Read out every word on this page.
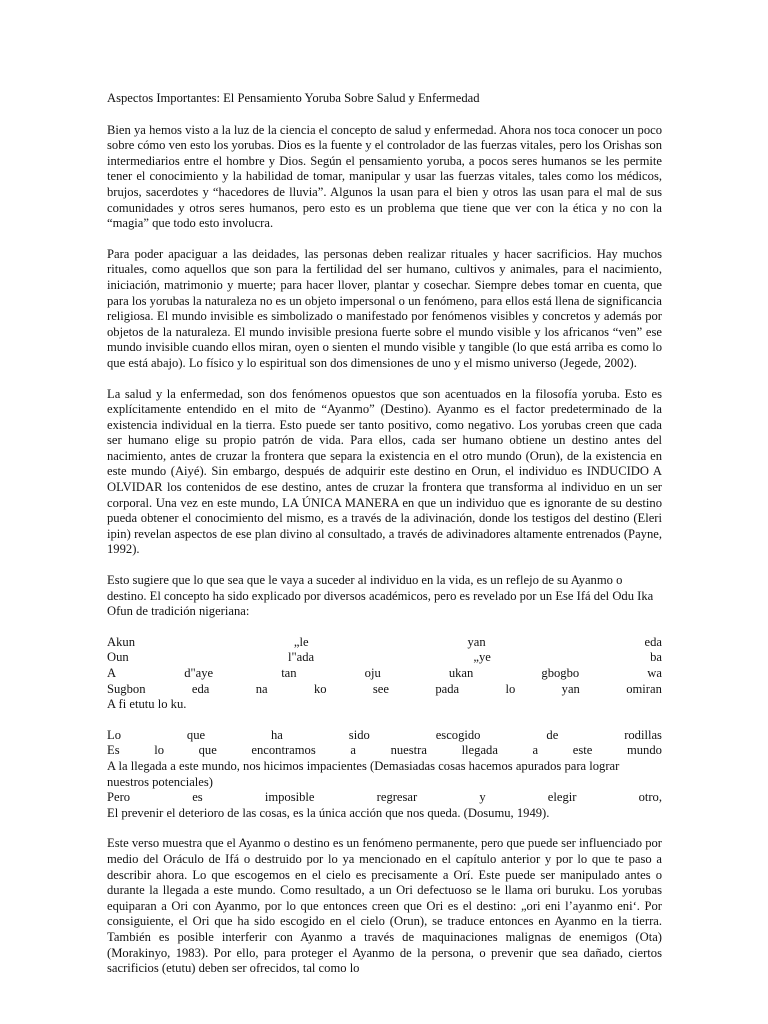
Aspectos Importantes: El Pensamiento Yoruba Sobre Salud y Enfermedad

Bien ya hemos visto a la luz de la ciencia el concepto de salud y enfermedad. Ahora nos toca conocer un poco sobre cómo ven esto los yorubas. Dios es la fuente y el controlador de las fuerzas vitales, pero los Orishas son intermediarios entre el hombre y Dios. Según el pensamiento yoruba, a pocos seres humanos se les permite tener el conocimiento y la habilidad de tomar, manipular y usar las fuerzas vitales, tales como los médicos, brujos, sacerdotes y “hacedores de lluvia”. Algunos la usan para el bien y otros las usan para el mal de sus comunidades y otros seres humanos, pero esto es un problema que tiene que ver con la ética y no con la “magia” que todo esto involucra.

Para poder apaciguar a las deidades, las personas deben realizar rituales y hacer sacrificios. Hay muchos rituales, como aquellos que son para la fertilidad del ser humano, cultivos y animales, para el nacimiento, iniciación, matrimonio y muerte; para hacer llover, plantar y cosechar. Siempre debes tomar en cuenta, que para los yorubas la naturaleza no es un objeto impersonal o un fenómeno, para ellos está llena de significancia religiosa. El mundo invisible es simbolizado o manifestado por fenómenos visibles y concretos y además por objetos de la naturaleza. El mundo invisible presiona fuerte sobre el mundo visible y los africanos “ven” ese mundo invisible cuando ellos miran, oyen o sienten el mundo visible y tangible (lo que está arriba es como lo que está abajo). Lo físico y lo espiritual son dos dimensiones de uno y el mismo universo (Jegede, 2002).

La salud y la enfermedad, son dos fenómenos opuestos que son acentuados en la filosofía yoruba. Esto es explícitamente entendido en el mito de “Ayanmo” (Destino). Ayanmo es el factor predeterminado de la existencia individual en la tierra. Esto puede ser tanto positivo, como negativo. Los yorubas creen que cada ser humano elige su propio patrón de vida. Para ellos, cada ser humano obtiene un destino antes del nacimiento, antes de cruzar la frontera que separa la existencia en el otro mundo (Orun), de la existencia en este mundo (Aiyé). Sin embargo, después de adquirir este destino en Orun, el individuo es INDUCIDO A OLVIDAR los contenidos de ese destino, antes de cruzar la frontera que transforma al individuo en un ser corporal. Una vez en este mundo, LA ÚNICA MANERA en que un individuo que es ignorante de su destino pueda obtener el conocimiento del mismo, es a través de la adivinación, donde los testigos del destino (Eleri ipin) revelan aspectos de ese plan divino al consultado, a través de adivinadores altamente entrenados (Payne, 1992).

Esto sugiere que lo que sea que le vaya a suceder al individuo en la vida, es un reflejo de su Ayanmo o destino. El concepto ha sido explicado por diversos académicos, pero es revelado por un Ese Ifá del Odu Ika Ofun de tradición nigeriana:

Akun	„le	yan	eda
Oun	l"ada	„ye	ba
A	d"aye	tan	oju	ukan	gbogbo	wa
Sugbon	eda	na	ko	see	pada	lo	yan	omiran
A fi etutu lo ku.
Lo	que	ha	sido	escogido	de	rodillas
Es	lo	que	encontramos	a	nuestra	llegada	a	este	mundo
A la llegada a este mundo, nos hicimos impacientes (Demasiadas cosas hacemos apurados para lograr nuestros potenciales)
Pero	es	imposible	regresar	y	elegir	otro,
El prevenir el deterioro de las cosas, es la única acción que nos queda. (Dosumu, 1949).

Este verso muestra que el Ayanmo o destino es un fenómeno permanente, pero que puede ser influenciado por medio del Oráculo de Ifá o destruido por lo ya mencionado en el capítulo anterior y por lo que te paso a describir ahora. Lo que escogemos en el cielo es precisamente a Orí. Este puede ser manipulado antes o durante la llegada a este mundo. Como resultado, a un Ori defectuoso se le llama ori buruku. Los yorubas equiparan a Ori con Ayanmo, por lo que entonces creen que Ori es el destino: „ori eni l’ayanmo eni‘. Por consiguiente, el Ori que ha sido escogido en el cielo (Orun), se traduce entonces en Ayanmo en la tierra. También es posible interferir con Ayanmo a través de maquinaciones malignas de enemigos (Ota) (Morakinyo, 1983). Por ello, para proteger el Ayanmo de la persona, o prevenir que sea dañado, ciertos sacrificios (etutu) deben ser ofrecidos, tal como lo
